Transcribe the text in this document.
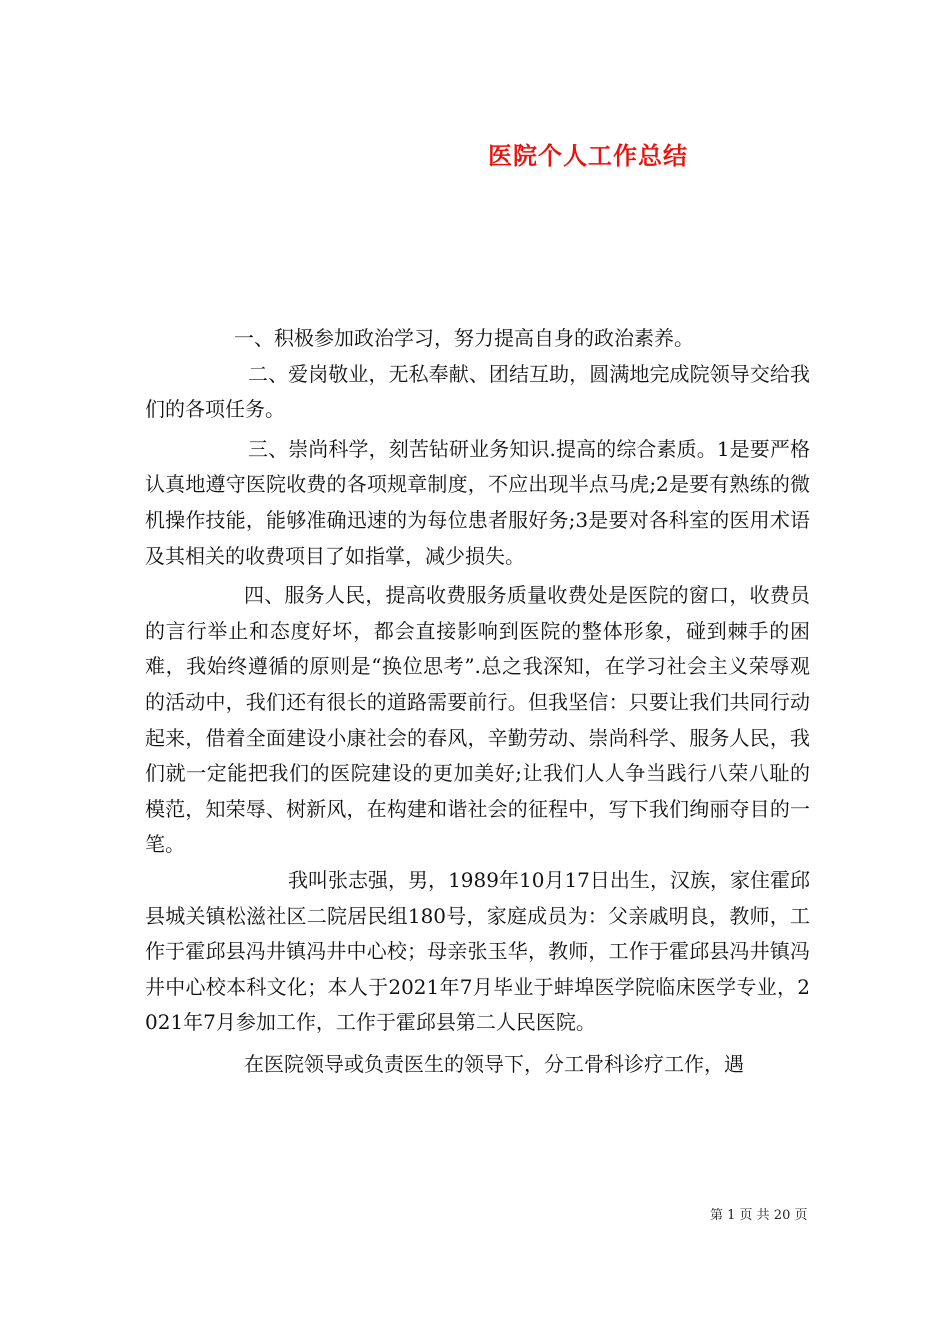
医院个人工作总结

一、积极参加政治学习，努力提高自身的政治素养。

二、爱岗敬业，无私奉献、团结互助，圆满地完成院领导交给我们的各项任务。

三、崇尚科学，刻苦钻研业务知识.提高的综合素质。1是要严格认真地遵守医院收费的各项规章制度，不应出现半点马虎;2是要有熟练的微机操作技能，能够准确迅速的为每位患者服好务;3是要对各科室的医用术语及其相关的收费项目了如指掌，减少损失。

四、服务人民，提高收费服务质量收费处是医院的窗口，收费员的言行举止和态度好坏，都会直接影响到医院的整体形象，碰到棘手的困难，我始终遵循的原则是“换位思考”.总之我深知，在学习社会主义荣辱观的活动中，我们还有很长的道路需要前行。但我坚信：只要让我们共同行动起来，借着全面建设小康社会的春风，辛勤劳动、崇尚科学、服务人民，我们就一定能把我们的医院建设的更加美好;让我们人人争当践行八荣八耻的模范，知荣辱、树新风，在构建和谐社会的征程中，写下我们绚丽夺目的一笔。

我叫张志强，男，1989年10月17日出生，汉族，家住霍邱县城关镇松滋社区二院居民组180号，家庭成员为：父亲戚明良，教师，工作于霍邱县冯井镇冯井中心校；母亲张玉华，教师，工作于霍邱县冯井镇冯井中心校本科文化；本人于2021年7月毕业于蚌埠医学院临床医学专业，2021年7月参加工作，工作于霍邱县第二人民医院。

在医院领导或负责医生的领导下，分工骨科诊疗工作，遇

第 1 页 共 20 页
